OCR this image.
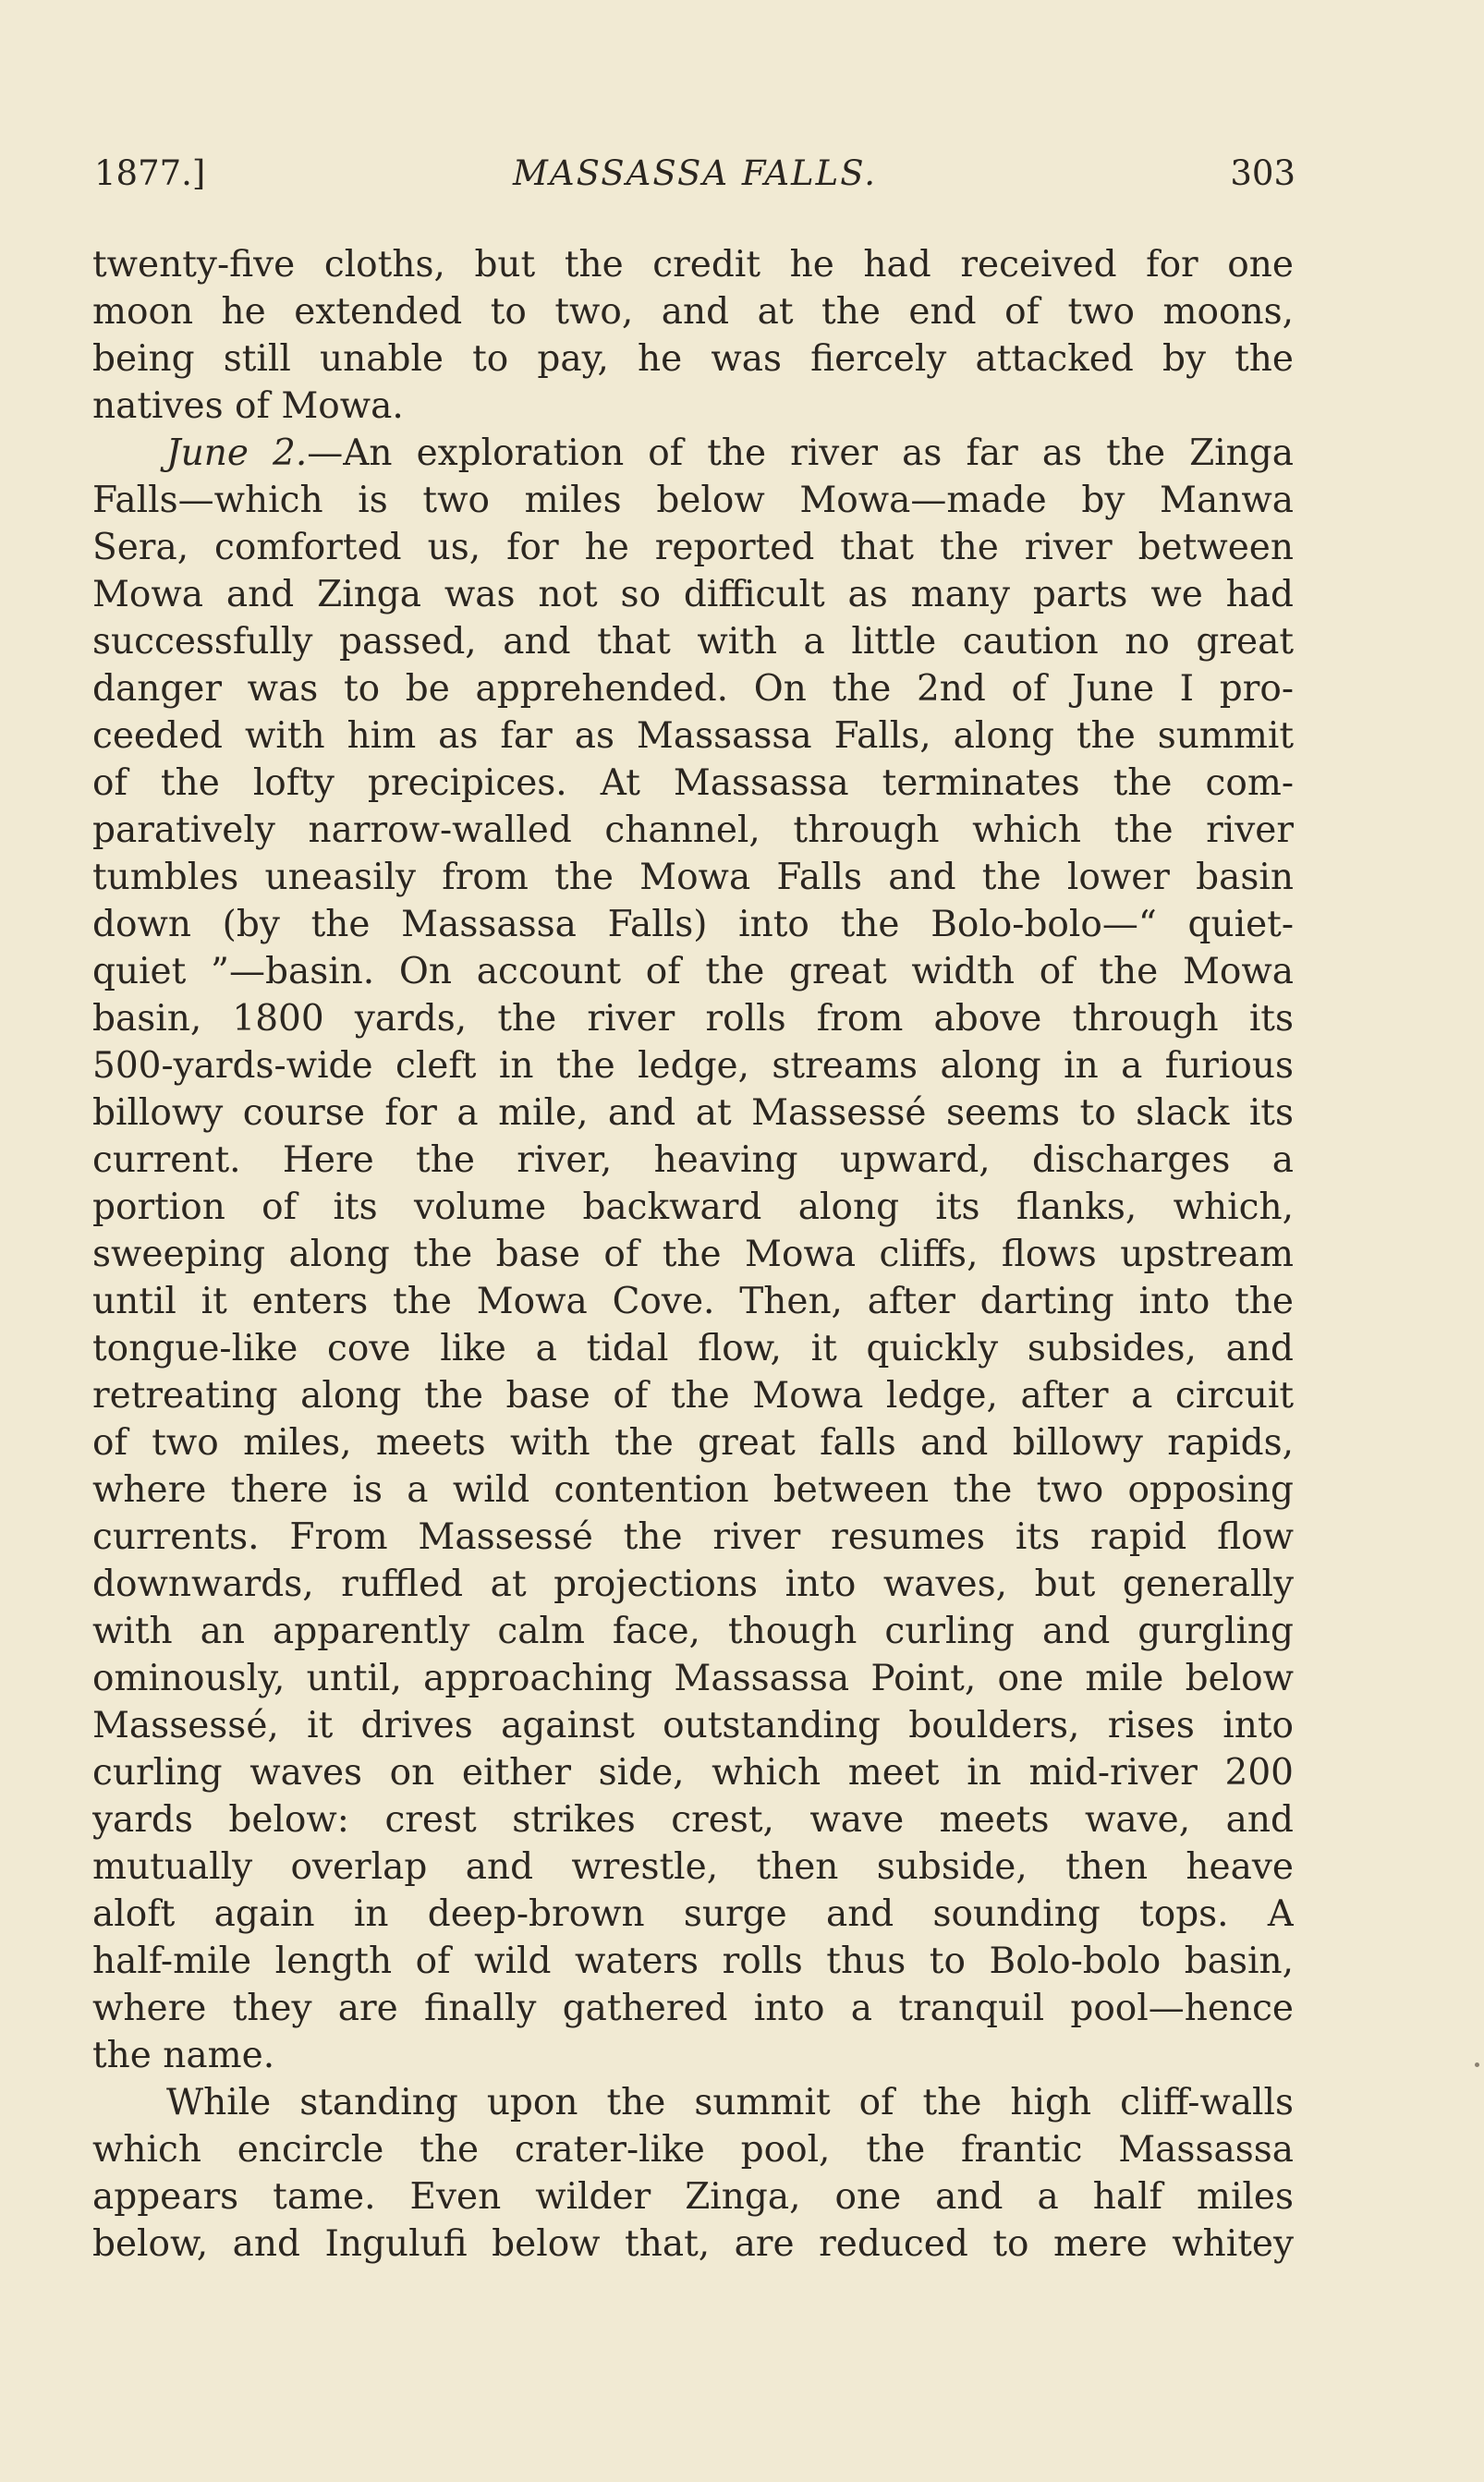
1877.]	MASSASSA FALLS.	303
twenty-five cloths, but the credit he had received for one
moon he extended to two, and at the end of two moons,
being still unable to pay, he was fiercely attacked by the
natives of Mowa.
June 2.—An exploration of the river as far as the Zinga
Falls—which is two miles below Mowa—made by Manwa
Sera, comforted us, for he reported that the river between
Mowa and Zinga was not so difficult as many parts we had
successfully passed, and that with a little caution no great
danger was to be apprehended. On the 2nd of June I pro-
ceeded with him as far as Massassa Falls, along the summit
of the lofty precipices. At Massassa terminates the com-
paratively narrow-walled channel, through which the river
tumbles uneasily from the Mowa Falls and the lower basin
down (by the Massassa Falls) into the Bolo-bolo—“ quiet-
quiet ”—basin. On account of the great width of the Mowa
basin, 1800 yards, the river rolls from above through its
500-yards-wide cleft in the ledge, streams along in a furious
billowy course for a mile, and at Massessé seems to slack its
current. Here the river, heaving upward, discharges a
portion of its volume backward along its flanks, which,
sweeping along the base of the Mowa cliffs, flows upstream
until it enters the Mowa Cove. Then, after darting into the
tongue-like cove like a tidal flow, it quickly subsides, and
retreating along the base of the Mowa ledge, after a circuit
of two miles, meets with the great falls and billowy rapids,
where there is a wild contention between the two opposing
currents. From Massessé the river resumes its rapid flow
downwards, ruffled at projections into waves, but generally
with an apparently calm face, though curling and gurgling
ominously, until, approaching Massassa Point, one mile below
Massessé, it drives against outstanding boulders, rises into
curling waves on either side, which meet in mid-river 200
yards below: crest strikes crest, wave meets wave, and
mutually overlap and wrestle, then subside, then heave
aloft again in deep-brown surge and sounding tops. A
half-mile length of wild waters rolls thus to Bolo-bolo basin,
where they are finally gathered into a tranquil pool—hence
the name.
While standing upon the summit of the high cliff-walls
which encircle the crater-like pool, the frantic Massassa
appears tame. Even wilder Zinga, one and a half miles
below, and Ingulufi below that, are reduced to mere whitey
